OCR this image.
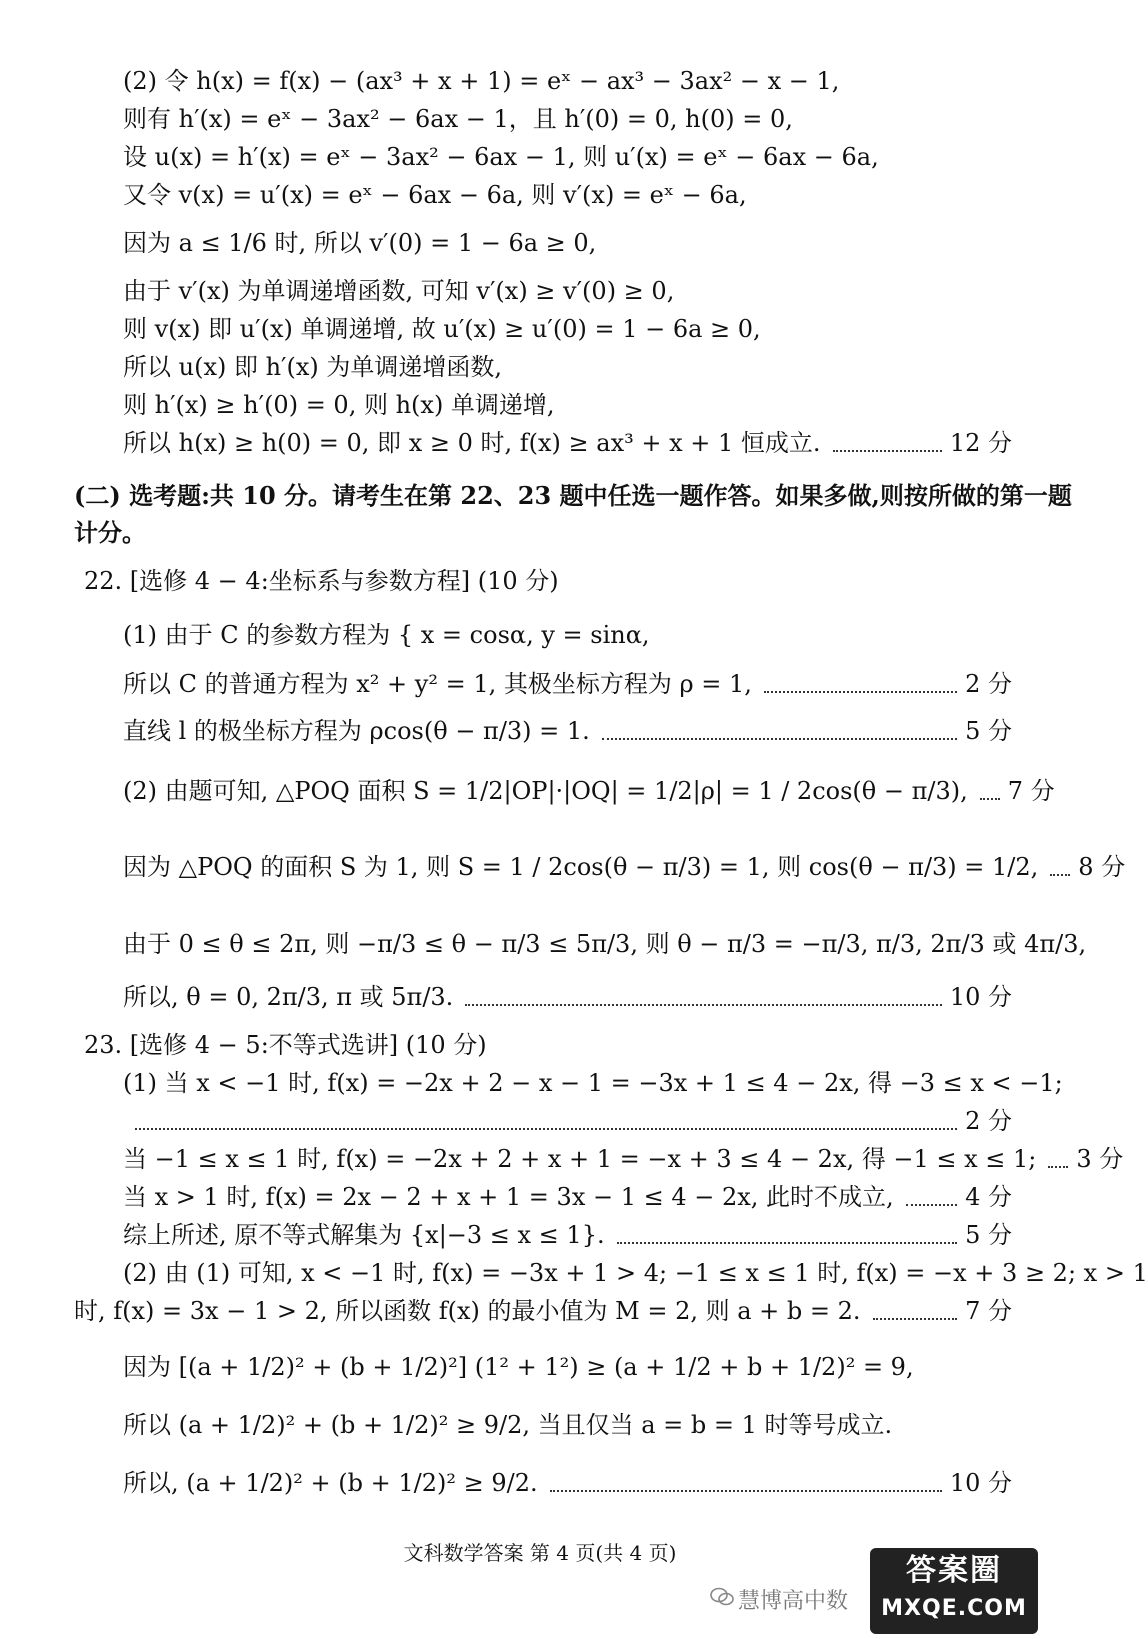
(2) 令 h(x) = f(x) − (ax³ + x + 1) = eˣ − ax³ − 3ax² − x − 1,
则有 h′(x) = eˣ − 3ax² − 6ax − 1，且 h′(0) = 0, h(0) = 0,
设 u(x) = h′(x) = eˣ − 3ax² − 6ax − 1, 则 u′(x) = eˣ − 6ax − 6a,
又令 v(x) = u′(x) = eˣ − 6ax − 6a, 则 v′(x) = eˣ − 6a,
因为 a ≤ 1/6 时, 所以 v′(0) = 1 − 6a ≥ 0,
由于 v′(x) 为单调递增函数, 可知 v′(x) ≥ v′(0) ≥ 0,
则 v(x) 即 u′(x) 单调递增, 故 u′(x) ≥ u′(0) = 1 − 6a ≥ 0,
所以 u(x) 即 h′(x) 为单调递增函数,
则 h′(x) ≥ h′(0) = 0, 则 h(x) 单调递增,
所以 h(x) ≥ h(0) = 0, 即 x ≥ 0 时, f(x) ≥ ax³ + x + 1 恒成立.	12 分
(二) 选考题:共 10 分。请考生在第 22、23 题中任选一题作答。如果多做,则按所做的第一题
计分。
22. [选修 4 − 4:坐标系与参数方程] (10 分)
(1) 由于 C 的参数方程为 { x = cosα, y = sinα,
所以 C 的普通方程为 x² + y² = 1, 其极坐标方程为 ρ = 1,	2 分
直线 l 的极坐标方程为 ρcos(θ − π/3) = 1.	5 分
(2) 由题可知, △POQ 面积 S = 1/2|OP|·|OQ| = 1/2|ρ| = 1 / 2cos(θ − π/3), 7 分
因为 △POQ 的面积 S 为 1, 则 S = 1 / 2cos(θ − π/3) = 1, 则 cos(θ − π/3) = 1/2, 8 分
由于 0 ≤ θ ≤ 2π, 则 −π/3 ≤ θ − π/3 ≤ 5π/3, 则 θ − π/3 = −π/3, π/3, 2π/3 或 4π/3,
所以, θ = 0, 2π/3, π 或 5π/3.	10 分
23. [选修 4 − 5:不等式选讲] (10 分)
(1) 当 x < −1 时, f(x) = −2x + 2 − x − 1 = −3x + 1 ≤ 4 − 2x, 得 −3 ≤ x < −1;
2 分
当 −1 ≤ x ≤ 1 时, f(x) = −2x + 2 + x + 1 = −x + 3 ≤ 4 − 2x, 得 −1 ≤ x ≤ 1; 3 分
当 x > 1 时, f(x) = 2x − 2 + x + 1 = 3x − 1 ≤ 4 − 2x, 此时不成立,	4 分
综上所述, 原不等式解集为 {x|−3 ≤ x ≤ 1}.	5 分
(2) 由 (1) 可知, x < −1 时, f(x) = −3x + 1 > 4; −1 ≤ x ≤ 1 时, f(x) = −x + 3 ≥ 2; x > 1
时, f(x) = 3x − 1 > 2, 所以函数 f(x) 的最小值为 M = 2, 则 a + b = 2.	7 分
因为 [(a + 1/2)² + (b + 1/2)²] (1² + 1²) ≥ (a + 1/2 + b + 1/2)² = 9,
所以 (a + 1/2)² + (b + 1/2)² ≥ 9/2, 当且仅当 a = b = 1 时等号成立.
所以, (a + 1/2)² + (b + 1/2)² ≥ 9/2.	10 分
文科数学答案 第 4 页(共 4 页)
慧博高中数
答案圈
MXQE.COM
